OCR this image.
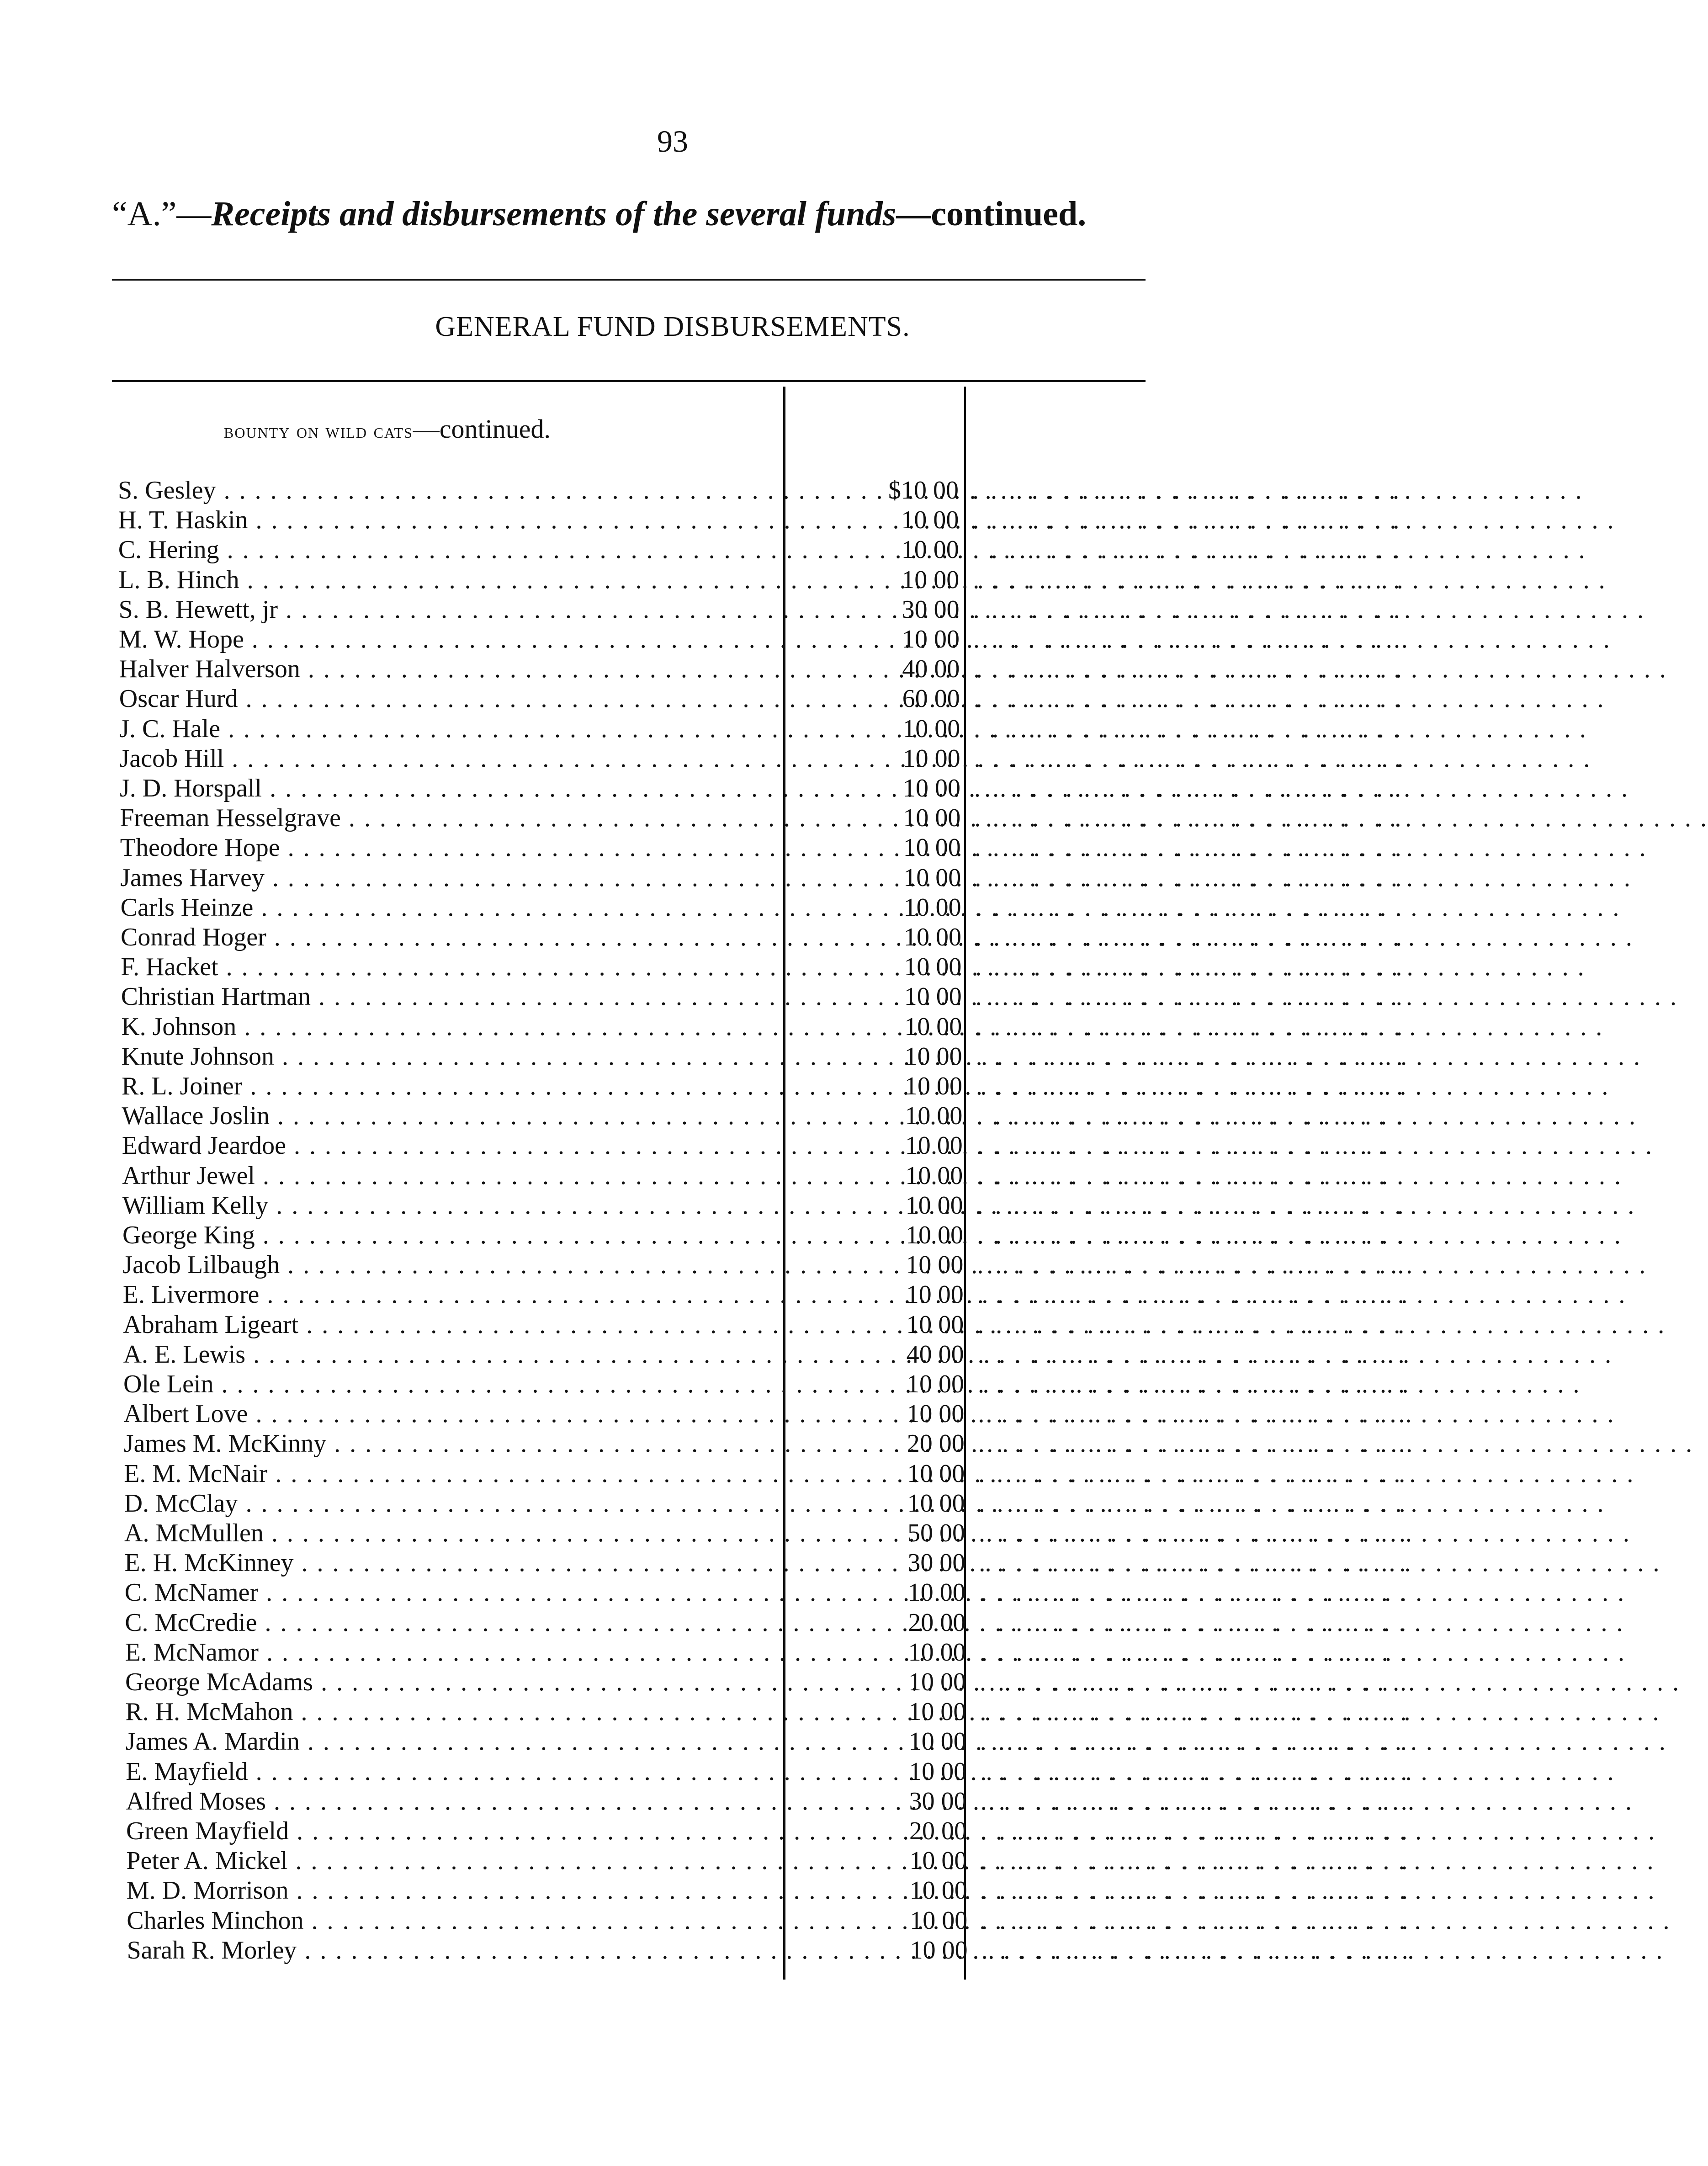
93
“A.”—Receipts and disbursements of the several funds—continued.
GENERAL FUND DISBURSEMENTS.
bounty on wild cats—continued.
S. Gesley . . .	$10 00 . . . . . . . . . . . . . . . . . . . . . . . .
H. T. Haskin . . .	10 00 . . . . . . . . . . . . . . . . . . . . . . . .
C. Hering . . .	10 00 . . . . . . . . . . . . . . . . . . . . . . . .
L. B. Hinch . . .	10 00 . . . . . . . . . . . . . . . . . . . . . . . .
S. B. Hewett, jr . . .	30 00 . . . . . . . . . . . . . . . . . . . . . . . .
M. W. Hope . . .	10 00 . . . . . . . . . . . . . . . . . . . . . . . .
Halver Halverson . . .	40 00 . . . . . . . . . . . . . . . . . . . . . . . .
Oscar Hurd . . .	60 00 . . . . . . . . . . . . . . . . . . . . . . . .
J. C. Hale . . .	10 00 . . . . . . . . . . . . . . . . . . . . . . . .
Jacob Hill . . .	10 00 . . . . . . . . . . . . . . . . . . . . . . . .
J. D. Horspall . . .	10 00 . . . . . . . . . . . . . . . . . . . . . . . .
Freeman Hesselgrave . . .	10 00 . . . . . . . . . . . . . . . . . . . . . . . .
Theodore Hope . . .	10 00 . . . . . . . . . . . . . . . . . . . . . . . .
James Harvey . . .	10 00 . . . . . . . . . . . . . . . . . . . . . . . .
Carls Heinze . . .	10 00 . . . . . . . . . . . . . . . . . . . . . . . .
Conrad Hoger . . .	10 00 . . . . . . . . . . . . . . . . . . . . . . . .
F. Hacket . . .	10 00 . . . . . . . . . . . . . . . . . . . . . . . .
Christian Hartman . . .	10 00 . . . . . . . . . . . . . . . . . . . . . . . .
K. Johnson . . .	10 00 . . . . . . . . . . . . . . . . . . . . . . . .
Knute Johnson . . .	10 00 . . . . . . . . . . . . . . . . . . . . . . . .
R. L. Joiner . . .	10 00 . . . . . . . . . . . . . . . . . . . . . . . .
Wallace Joslin . . .	10 00 . . . . . . . . . . . . . . . . . . . . . . . .
Edward Jeardoe . . .	10 00 . . . . . . . . . . . . . . . . . . . . . . . .
Arthur Jewel . . .	10 00 . . . . . . . . . . . . . . . . . . . . . . . .
William Kelly . . .	10 00 . . . . . . . . . . . . . . . . . . . . . . . .
George King . . .	10 00 . . . . . . . . . . . . . . . . . . . . . . . .
Jacob Lilbaugh . . .	10 00 . . . . . . . . . . . . . . . . . . . . . . . .
E. Livermore . . .	10 00 . . . . . . . . . . . . . . . . . . . . . . . .
Abraham Ligeart . . .	10 00 . . . . . . . . . . . . . . . . . . . . . . . .
A. E. Lewis . . .	40 00 . . . . . . . . . . . . . . . . . . . . . . . .
Ole Lein . . .	10 00 . . . . . . . . . . . . . . . . . . . . . . . .
Albert Love . . .	10 00 . . . . . . . . . . . . . . . . . . . . . . . .
James M. McKinny . . .	20 00 . . . . . . . . . . . . . . . . . . . . . . . .
E. M. McNair . . .	10 00 . . . . . . . . . . . . . . . . . . . . . . . .
D. McClay . . .	10 00 . . . . . . . . . . . . . . . . . . . . . . . .
A. McMullen . . .	50 00 . . . . . . . . . . . . . . . . . . . . . . . .
E. H. McKinney . . .	30 00 . . . . . . . . . . . . . . . . . . . . . . . .
C. McNamer . . .	10 00 . . . . . . . . . . . . . . . . . . . . . . . .
C. McCredie . . .	20 00 . . . . . . . . . . . . . . . . . . . . . . . .
E. McNamor . . .	10 00 . . . . . . . . . . . . . . . . . . . . . . . .
George McAdams . . .	10 00 . . . . . . . . . . . . . . . . . . . . . . . .
R. H. McMahon . . .	10 00 . . . . . . . . . . . . . . . . . . . . . . . .
James A. Mardin . . .	10 00 . . . . . . . . . . . . . . . . . . . . . . . .
E. Mayfield . . .	10 00 . . . . . . . . . . . . . . . . . . . . . . . .
Alfred Moses . . .	30 00 . . . . . . . . . . . . . . . . . . . . . . . .
Green Mayfield . . .	20 00 . . . . . . . . . . . . . . . . . . . . . . . .
Peter A. Mickel . . .	10 00 . . . . . . . . . . . . . . . . . . . . . . . .
M. D. Morrison . . .	10 00 . . . . . . . . . . . . . . . . . . . . . . . .
Charles Minchon . . .	10 00 . . . . . . . . . . . . . . . . . . . . . . . .
Sarah R. Morley . . .	10 00 . . . . . . . . . . . . . . . . . . . . . . . .
